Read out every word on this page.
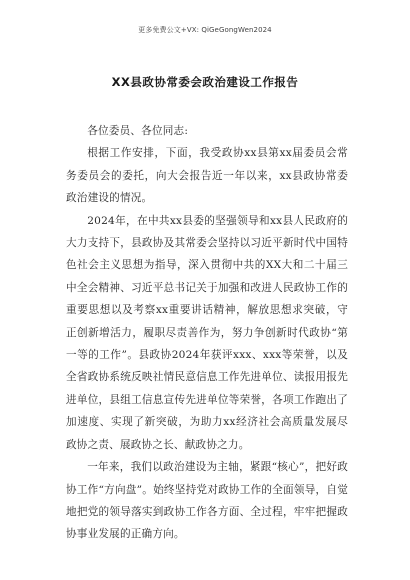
更多免费公文+VX: QiGeGongWen2024
XX县政协常委会政治建设工作报告

各位委员、各位同志:

根据工作安排，下面，我受政协xx县第xx届委员会常务委员会的委托，向大会报告近一年以来，xx县政协常委政治建设的情况。

2024年，在中共xx县委的坚强领导和xx县人民政府的大力支持下，县政协及其常委会坚持以习近平新时代中国特色社会主义思想为指导，深入贯彻中共的XX大和二十届三中全会精神、习近平总书记关于加强和改进人民政协工作的重要思想以及考察xx重要讲话精神，解放思想求突破，守正创新增活力，履职尽责善作为，努力争创新时代政协“第一等的工作”。县政协2024年获评xxx、xxx等荣誉，以及全省政协系统反映社情民意信息工作先进单位、读报用报先进单位，县组工信息宣传先进单位等荣誉，各项工作跑出了加速度、实现了新突破，为助力xx经济社会高质量发展尽政协之责、展政协之长、献政协之力。

一年来，我们以政治建设为主轴，紧跟“核心”，把好政协工作“方向盘”。始终坚持党对政协工作的全面领导，自觉地把党的领导落实到政协工作各方面、全过程，牢牢把握政协事业发展的正确方向。
